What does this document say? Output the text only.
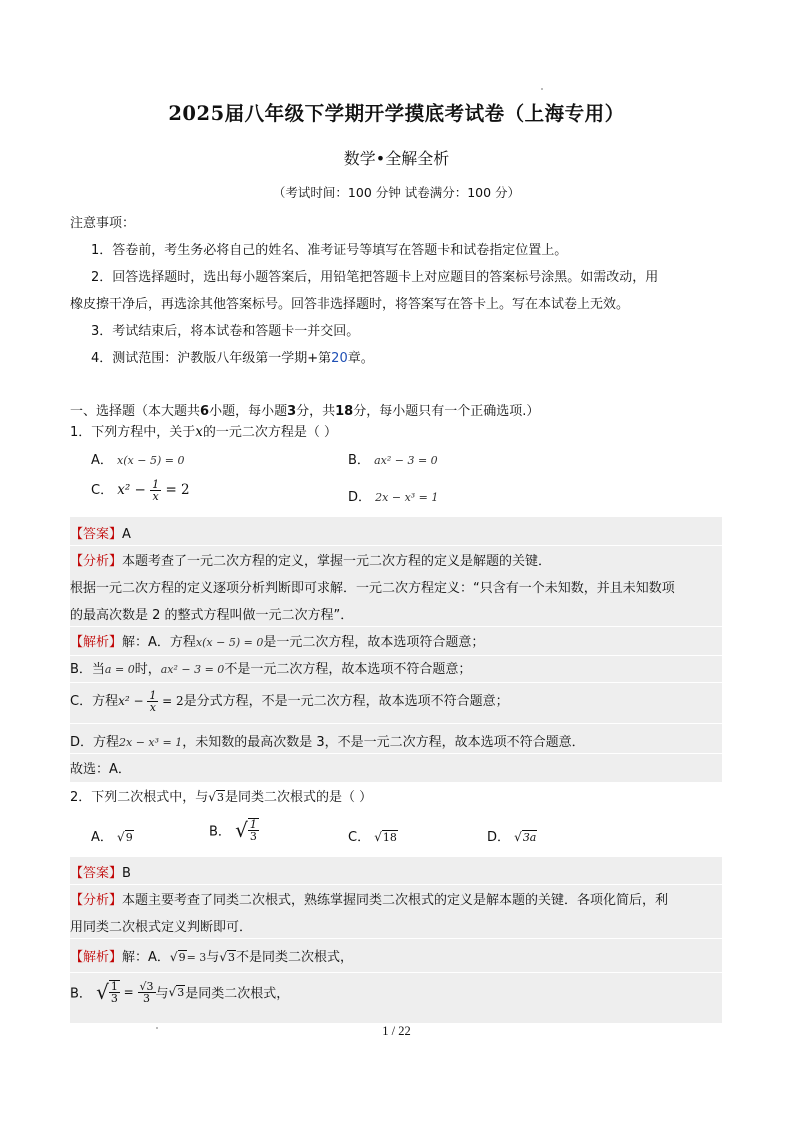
2025届八年级下学期开学摸底考试卷（上海专用）
数学•全解全析
（考试时间：100 分钟 试卷满分：100 分）
注意事项：
1．答卷前，考生务必将自己的姓名、准考证号等填写在答题卡和试卷指定位置上。
2．回答选择题时，选出每小题答案后，用铅笔把答题卡上对应题目的答案标号涂黑。如需改动，用
橡皮擦干净后，再选涂其他答案标号。回答非选择题时，将答案写在答卡上。写在本试卷上无效。
3．考试结束后，将本试卷和答题卡一并交回。
4．测试范围：沪教版八年级第一学期+第20章。
一、选择题（本大题共6小题，每小题3分，共18分，每小题只有一个正确选项.）
1．下列方程中，关于x的一元二次方程是（ ）
A． x(x − 5) = 0	B． ax² − 3 = 0
C． $x^2 - \frac{1}{x} = 2$	D． 2x − x³ = 1
【答案】A
【分析】本题考查了一元二次方程的定义，掌握一元二次方程的定义是解题的关键．
根据一元二次方程的定义逐项分析判断即可求解．一元二次方程定义：“只含有一个未知数，并且未知数项
的最高次数是 2 的整式方程叫做一元二次方程”．
【解析】解：A．方程x(x − 5) = 0是一元二次方程，故本选项符合题意；
B．当a = 0时，ax² − 3 = 0不是一元二次方程，故本选项不符合题意；
C．方程$x^2 - \frac{1}{x} = 2$是分式方程，不是一元二次方程，故本选项不符合题意；
D．方程2x − x³ = 1，未知数的最高次数是 3，不是一元二次方程，故本选项不符合题意．
故选：A．
2．下列二次根式中，与√3是同类二次根式的是（ ）
A． √9	B． √ $\frac{1}{3}$	C． √18	D． √3a
【答案】B
【分析】本题主要考查了同类二次根式，熟练掌握同类二次根式的定义是解本题的关键．各项化简后，利
用同类二次根式定义判断即可．
【解析】解：A．√9= 3与√3不是同类二次根式，
B． √ $\frac{1}{3} = \frac{√3}{3}$ 与√3是同类二次根式，
1 / 22
